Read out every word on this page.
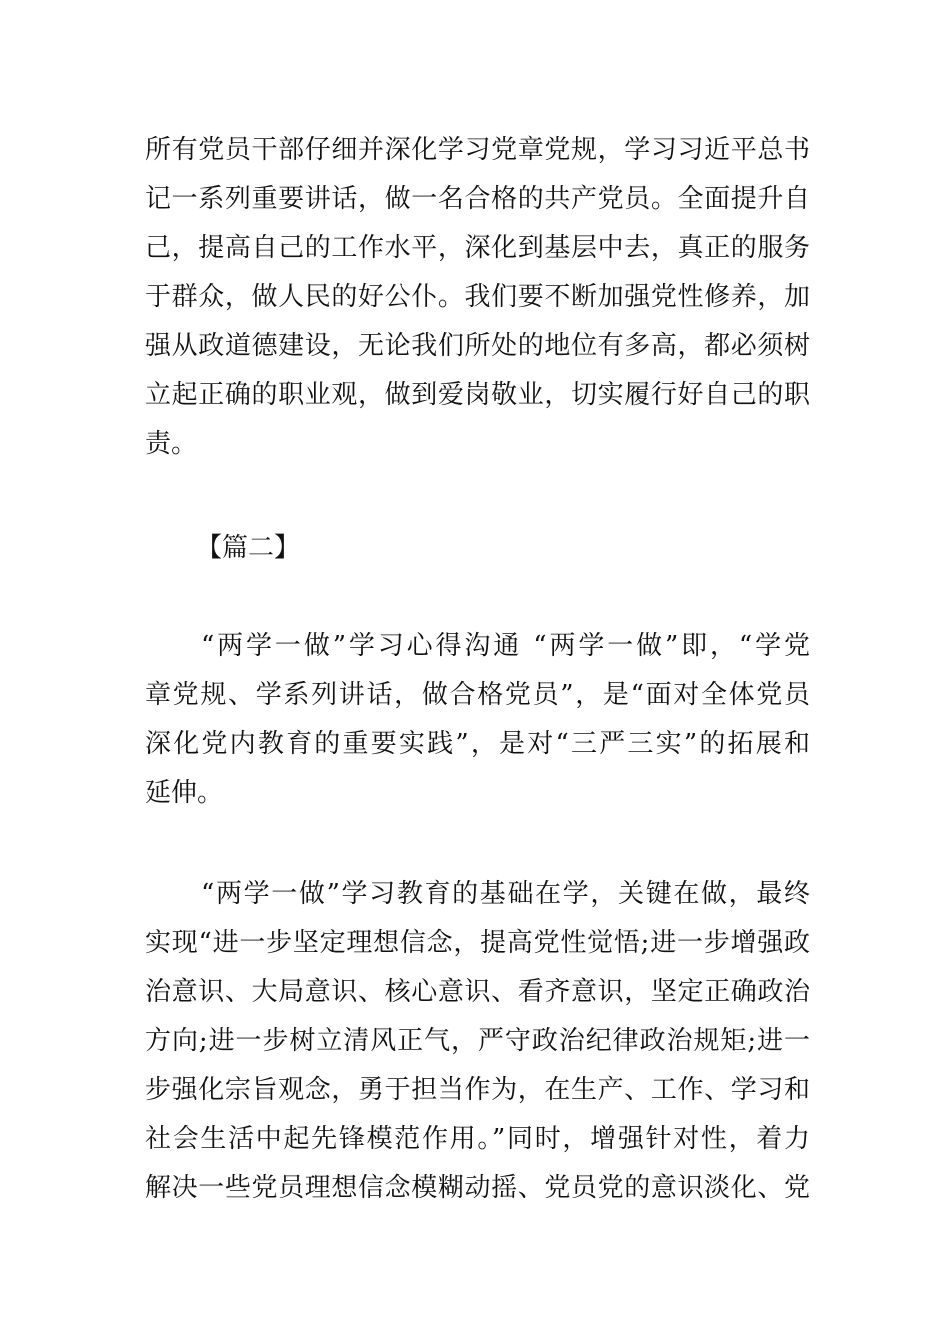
所有党员干部仔细并深化学习党章党规，学习习近平总书
记一系列重要讲话，做一名合格的共产党员。全面提升自
己，提高自己的工作水平，深化到基层中去，真正的服务
于群众，做人民的好公仆。我们要不断加强党性修养，加
强从政道德建设，无论我们所处的地位有多高，都必须树
立起正确的职业观，做到爱岗敬业，切实履行好自己的职
责。
【篇二】
“两学一做”学习心得沟通 “两学一做”即，“学党
章党规、学系列讲话，做合格党员”，是“面对全体党员
深化党内教育的重要实践”，是对“三严三实”的拓展和
延伸。
“两学一做”学习教育的基础在学，关键在做，最终
实现“进一步坚定理想信念，提高党性觉悟;进一步增强政
治意识、大局意识、核心意识、看齐意识，坚定正确政治
方向;进一步树立清风正气，严守政治纪律政治规矩;进一
步强化宗旨观念，勇于担当作为，在生产、工作、学习和
社会生活中起先锋模范作用。”同时，增强针对性，着力
解决一些党员理想信念模糊动摇、党员党的意识淡化、党
